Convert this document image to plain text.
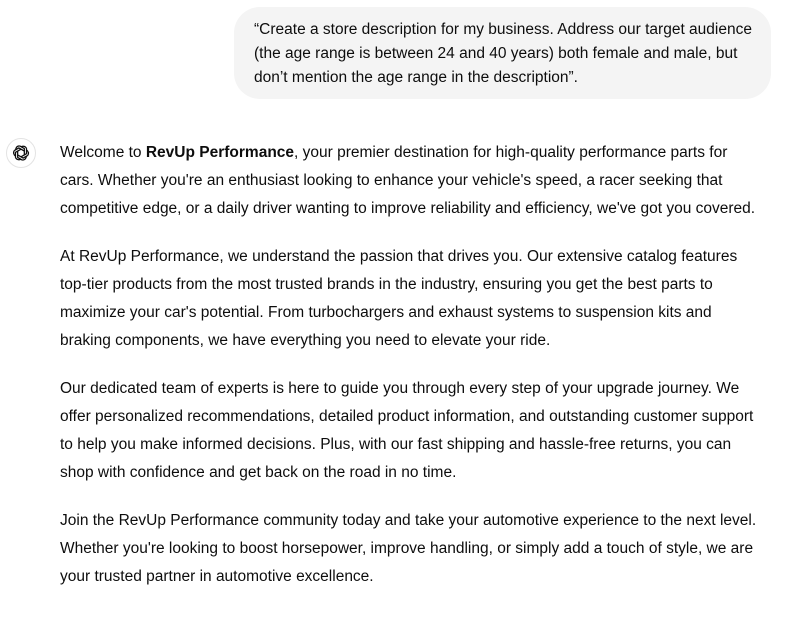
“Create a store description for my business. Address our target audience (the age range is between 24 and 40 years) both female and male, but don’t mention the age range in the description”.

Welcome to RevUp Performance, your premier destination for high-quality performance parts for cars. Whether you're an enthusiast looking to enhance your vehicle's speed, a racer seeking that competitive edge, or a daily driver wanting to improve reliability and efficiency, we've got you covered.

At RevUp Performance, we understand the passion that drives you. Our extensive catalog features top-tier products from the most trusted brands in the industry, ensuring you get the best parts to maximize your car's potential. From turbochargers and exhaust systems to suspension kits and braking components, we have everything you need to elevate your ride.

Our dedicated team of experts is here to guide you through every step of your upgrade journey. We offer personalized recommendations, detailed product information, and outstanding customer support to help you make informed decisions. Plus, with our fast shipping and hassle-free returns, you can shop with confidence and get back on the road in no time.

Join the RevUp Performance community today and take your automotive experience to the next level. Whether you're looking to boost horsepower, improve handling, or simply add a touch of style, we are your trusted partner in automotive excellence.
